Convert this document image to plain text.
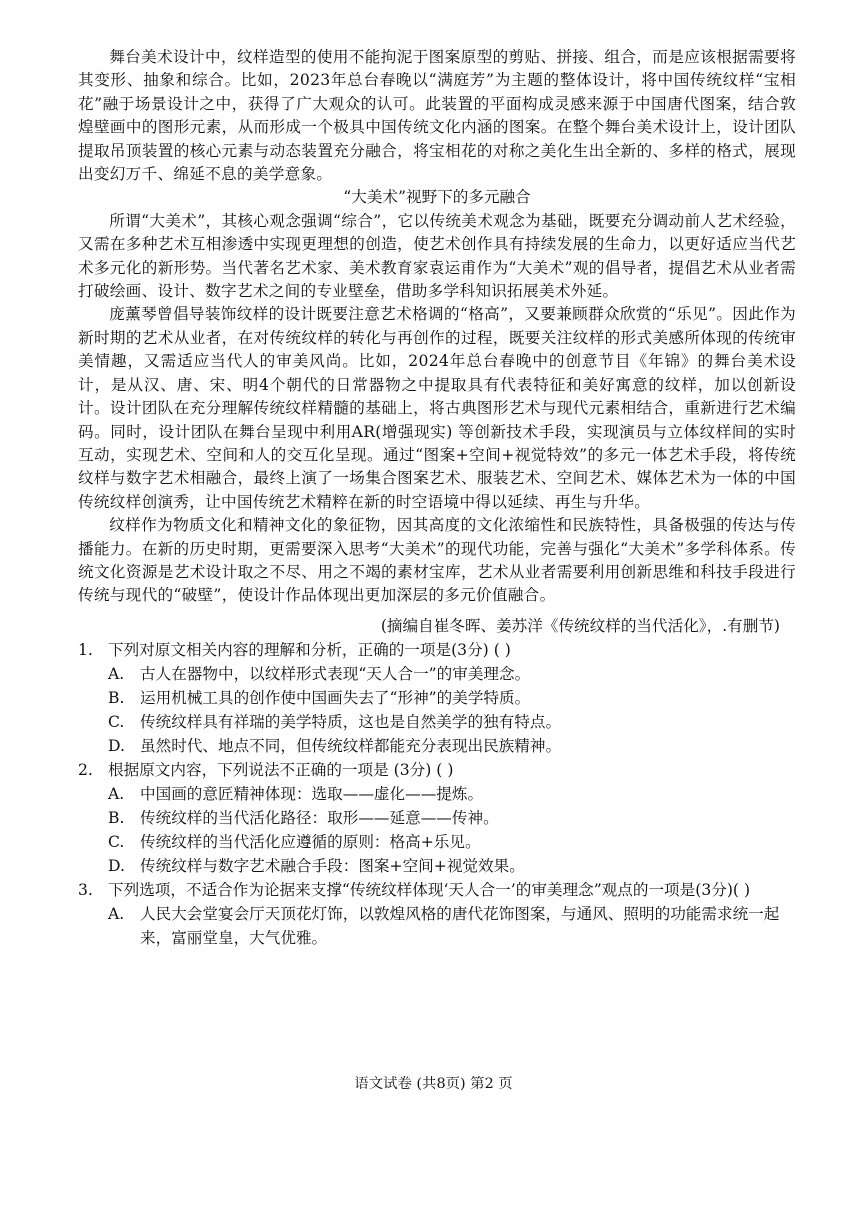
舞台美术设计中，纹样造型的使用不能拘泥于图案原型的剪贴、拼接、组合，而是应该根据需要将其变形、抽象和综合。比如，2023年总台春晚以“满庭芳”为主题的整体设计，将中国传统纹样“宝相花”融于场景设计之中，获得了广大观众的认可。此装置的平面构成灵感来源于中国唐代图案，结合敦煌壁画中的图形元素，从而形成一个极具中国传统文化内涵的图案。在整个舞台美术设计上，设计团队提取吊顶装置的核心元素与动态装置充分融合，将宝相花的对称之美化生出全新的、多样的格式，展现出变幻万千、绵延不息的美学意象。

“大美术”视野下的多元融合

所谓“大美术”，其核心观念强调“综合”，它以传统美术观念为基础，既要充分调动前人艺术经验，又需在多种艺术互相渗透中实现更理想的创造，使艺术创作具有持续发展的生命力，以更好适应当代艺术多元化的新形势。当代著名艺术家、美术教育家袁运甫作为“大美术”观的倡导者，提倡艺术从业者需打破绘画、设计、数字艺术之间的专业壁垒，借助多学科知识拓展美术外延。

庞薰琴曾倡导装饰纹样的设计既要注意艺术格调的“格高”，又要兼顾群众欣赏的“乐见”。因此作为新时期的艺术从业者，在对传统纹样的转化与再创作的过程，既要关注纹样的形式美感所体现的传统审美情趣，又需适应当代人的审美风尚。比如，2024年总台春晚中的创意节目《年锦》的舞台美术设计，是从汉、唐、宋、明4个朝代的日常器物之中提取具有代表特征和美好寓意的纹样，加以创新设计。设计团队在充分理解传统纹样精髓的基础上，将古典图形艺术与现代元素相结合，重新进行艺术编码。同时，设计团队在舞台呈现中利用AR(增强现实) 等创新技术手段，实现演员与立体纹样间的实时互动，实现艺术、空间和人的交互化呈现。通过“图案+空间+视觉特效”的多元一体艺术手段，将传统纹样与数字艺术相融合，最终上演了一场集合图案艺术、服装艺术、空间艺术、媒体艺术为一体的中国传统纹样创演秀，让中国传统艺术精粹在新的时空语境中得以延续、再生与升华。

纹样作为物质文化和精神文化的象征物，因其高度的文化浓缩性和民族特性，具备极强的传达与传播能力。在新的历史时期，更需要深入思考“大美术”的现代功能，完善与强化“大美术”多学科体系。传统文化资源是艺术设计取之不尽、用之不竭的素材宝库，艺术从业者需要利用创新思维和科技手段进行传统与现代的“破壁”，使设计作品体现出更加深层的多元价值融合。

(摘编自崔冬晖、姜苏洋《传统纹样的当代活化》，.有删节)
1. 下列对原文相关内容的理解和分析，正确的一项是(3分) ( )
A.	古人在器物中，以纹样形式表现“天人合一”的审美理念。
B. 运用机械工具的创作使中国画失去了“形神”的美学特质。
C.	传统纹样具有祥瑞的美学特质，这也是自然美学的独有特点。
D. 虽然时代、地点不同，但传统纹样都能充分表现出民族精神。
2. 根据原文内容，下列说法不正确的一项是 (3分) ( )
A.	中国画的意匠精神体现：选取——虚化——提炼。
B. 传统纹样的当代活化路径：取形——延意——传神。
C.	传统纹样的当代活化应遵循的原则：格高+乐见。
D. 传统纹样与数字艺术融合手段：图案+空间+视觉效果。
3. 下列选项，不适合作为论据来支撑“传统纹样体现‘天人合一’的审美理念”观点的一项是(3分)( )
A.	人民大会堂宴会厅天顶花灯饰，以敦煌风格的唐代花饰图案，与通风、照明的功能需求统一起来，富丽堂皇，大气优雅。
语文试卷 (共8页) 第2 页
